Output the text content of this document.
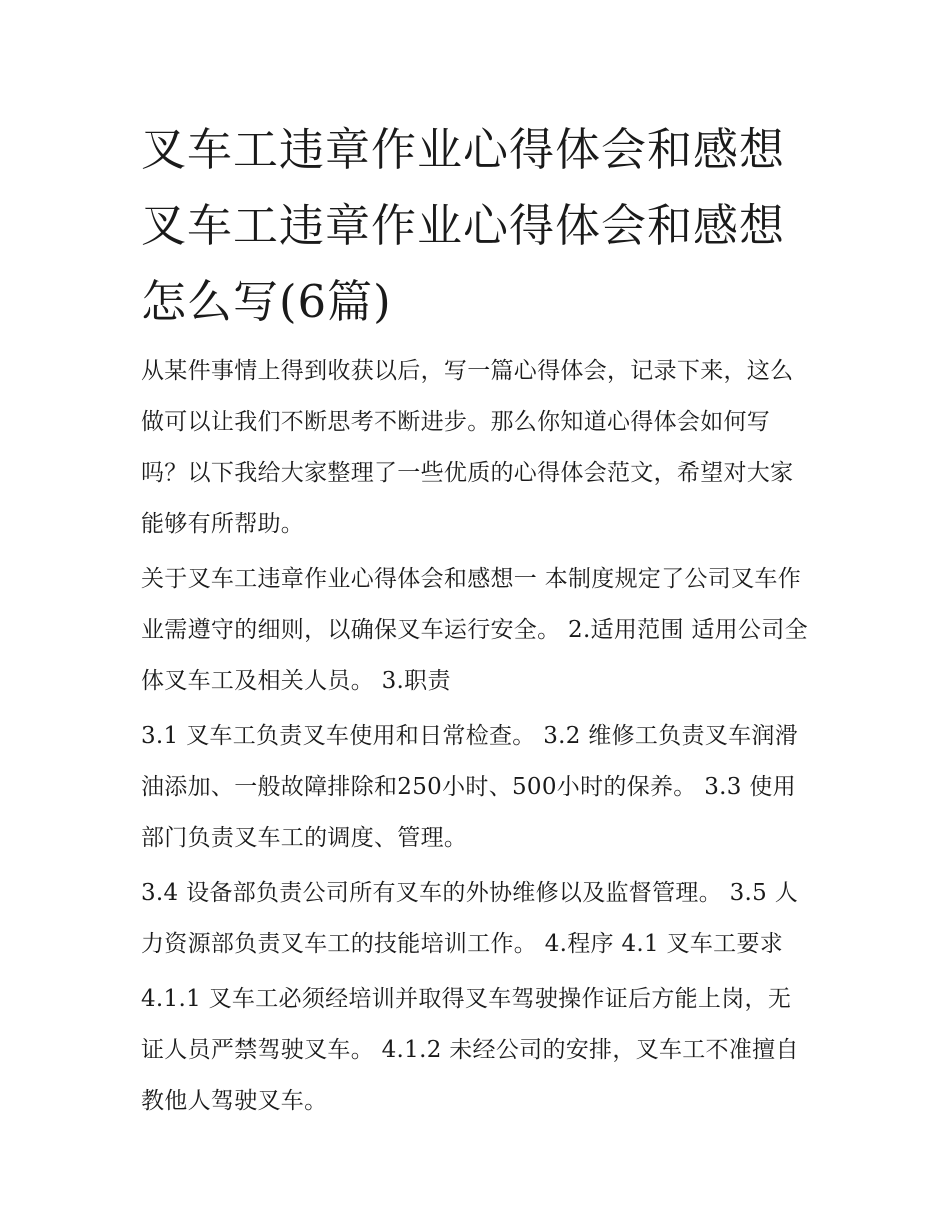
叉车工违章作业心得体会和感想 叉车工违章作业心得体会和感想怎么写(6篇)

从某件事情上得到收获以后，写一篇心得体会，记录下来，这么做可以让我们不断思考不断进步。那么你知道心得体会如何写吗？以下我给大家整理了一些优质的心得体会范文，希望对大家能够有所帮助。

关于叉车工违章作业心得体会和感想一 本制度规定了公司叉车作业需遵守的细则，以确保叉车运行安全。 2.适用范围 适用公司全体叉车工及相关人员。 3.职责

3.1 叉车工负责叉车使用和日常检查。 3.2 维修工负责叉车润滑油添加、一般故障排除和250小时、500小时的保养。 3.3 使用部门负责叉车工的调度、管理。

3.4 设备部负责公司所有叉车的外协维修以及监督管理。 3.5 人力资源部负责叉车工的技能培训工作。 4.程序 4.1 叉车工要求

4.1.1 叉车工必须经培训并取得叉车驾驶操作证后方能上岗，无证人员严禁驾驶叉车。 4.1.2 未经公司的安排，叉车工不准擅自教他人驾驶叉车。
